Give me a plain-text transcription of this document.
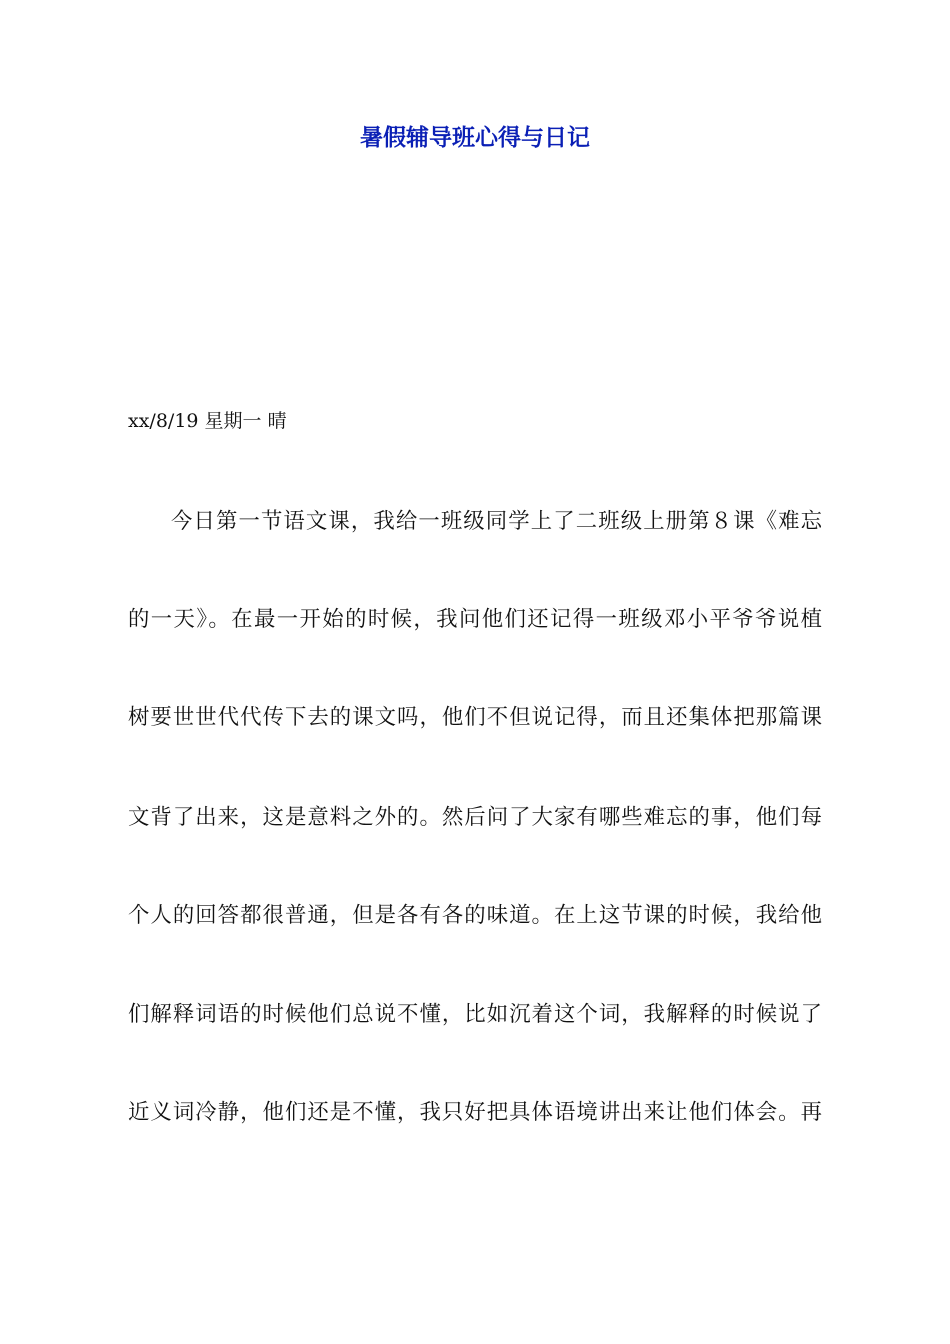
暑假辅导班心得与日记
xx/8/19 星期一 晴
今日第一节语文课，我给一班级同学上了二班级上册第８课《难忘
的一天》。在最一开始的时候，我问他们还记得一班级邓小平爷爷说植
树要世世代代传下去的课文吗，他们不但说记得，而且还集体把那篇课
文背了出来，这是意料之外的。然后问了大家有哪些难忘的事，他们每
个人的回答都很普通，但是各有各的味道。在上这节课的时候，我给他
们解释词语的时候他们总说不懂，比如沉着这个词，我解释的时候说了
近义词冷静，他们还是不懂，我只好把具体语境讲出来让他们体会。再
